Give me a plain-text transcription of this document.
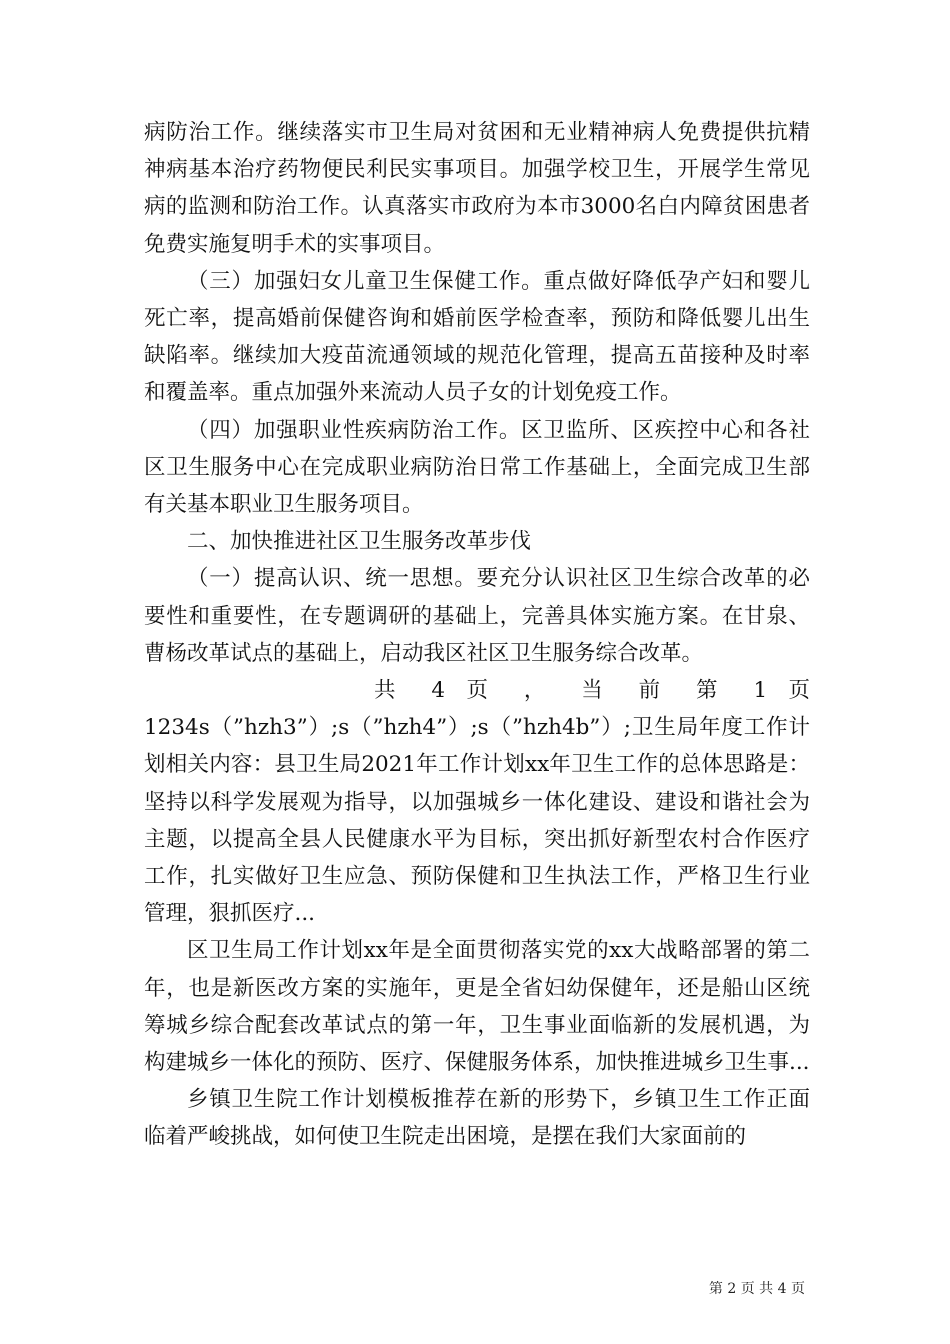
病防治工作。继续落实市卫生局对贫困和无业精神病人免费提供抗精神病基本治疗药物便民利民实事项目。加强学校卫生，开展学生常见病的监测和防治工作。认真落实市政府为本市3000名白内障贫困患者免费实施复明手术的实事项目。

（三）加强妇女儿童卫生保健工作。重点做好降低孕产妇和婴儿死亡率，提高婚前保健咨询和婚前医学检查率，预防和降低婴儿出生缺陷率。继续加大疫苗流通领域的规范化管理，提高五苗接种及时率和覆盖率。重点加强外来流动人员子女的计划免疫工作。

（四）加强职业性疾病防治工作。区卫监所、区疾控中心和各社区卫生服务中心在完成职业病防治日常工作基础上，全面完成卫生部有关基本职业卫生服务项目。

二、加快推进社区卫生服务改革步伐

（一）提高认识、统一思想。要充分认识社区卫生综合改革的必要性和重要性，在专题调研的基础上，完善具体实施方案。在甘泉、曹杨改革试点的基础上，启动我区社区卫生服务综合改革。

共 4 页 ， 当 前 第 1 页

1234s（”hzh3”）;s（”hzh4”）;s（”hzh4b”）;卫生局年度工作计划相关内容：县卫生局2021年工作计划xx年卫生工作的总体思路是：坚持以科学发展观为指导，以加强城乡一体化建设、建设和谐社会为主题，以提高全县人民健康水平为目标，突出抓好新型农村合作医疗工作，扎实做好卫生应急、预防保健和卫生执法工作，严格卫生行业管理，狠抓医疗...

区卫生局工作计划xx年是全面贯彻落实党的xx大战略部署的第二年，也是新医改方案的实施年，更是全省妇幼保健年，还是船山区统筹城乡综合配套改革试点的第一年，卫生事业面临新的发展机遇，为构建城乡一体化的预防、医疗、保健服务体系，加快推进城乡卫生事...

乡镇卫生院工作计划模板推荐在新的形势下，乡镇卫生工作正面临着严峻挑战，如何使卫生院走出困境，是摆在我们大家面前的

第 2 页 共 4 页
